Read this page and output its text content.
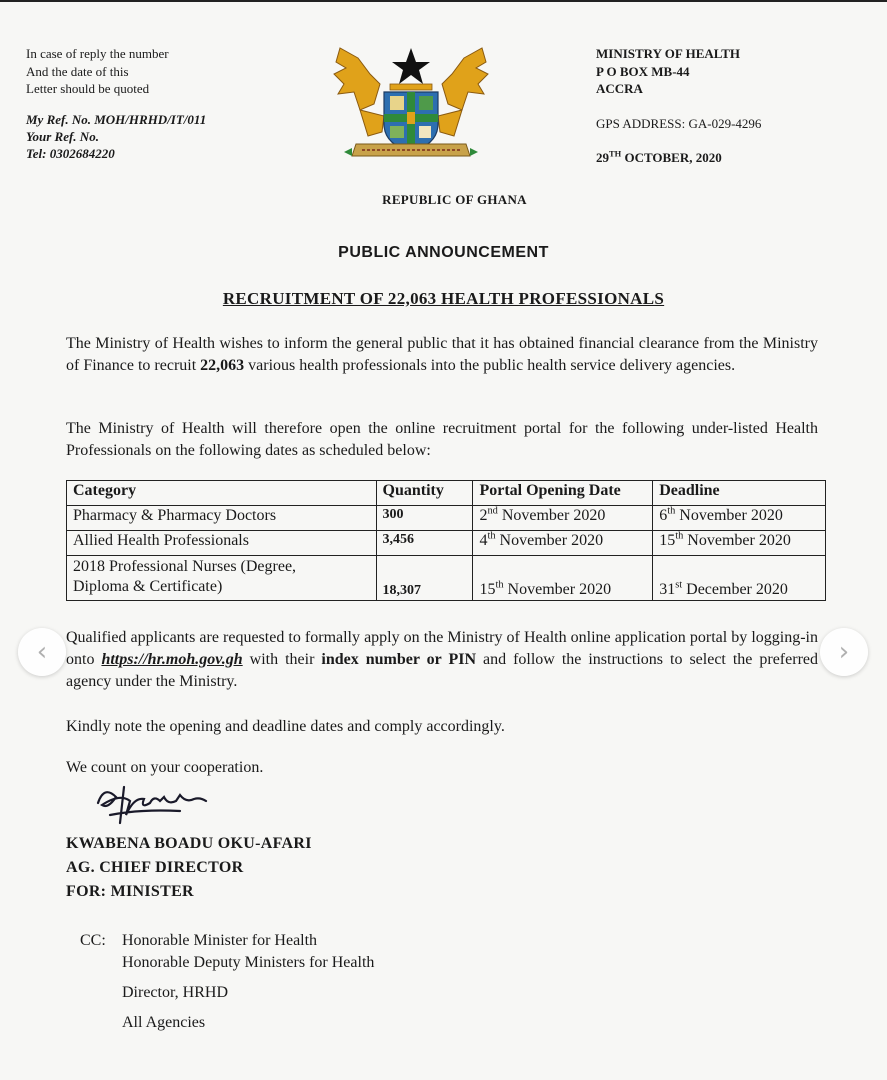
In case of reply the number
And the date of this
Letter should be quoted
My Ref. No. MOH/HRHD/IT/011
Your Ref. No.
Tel: 0302684220
MINISTRY OF HEALTH
P O BOX MB-44
ACCRA
GPS ADDRESS: GA-029-4296
29TH OCTOBER, 2020
REPUBLIC OF GHANA
PUBLIC ANNOUNCEMENT
RECRUITMENT OF 22,063 HEALTH PROFESSIONALS
The Ministry of Health wishes to inform the general public that it has obtained financial clearance from the Ministry of Finance to recruit 22,063 various health professionals into the public health service delivery agencies.
The Ministry of Health will therefore open the online recruitment portal for the following under-listed Health Professionals on the following dates as scheduled below:
Category	Quantity	Portal Opening Date	Deadline
Pharmacy & Pharmacy Doctors	300	2nd November 2020	6th November 2020
Allied Health Professionals	3,456	4th November 2020	15th November 2020

2018 Professional Nurses (Degree,
Diploma & Certificate)	18,307	15th November 2020	31st December 2020
Qualified applicants are requested to formally apply on the Ministry of Health online application portal by logging-in onto https://hr.moh.gov.gh with their index number or PIN and follow the instructions to select the preferred agency under the Ministry.
Kindly note the opening and deadline dates and comply accordingly.
We count on your cooperation.
KWABENA BOADU OKU-AFARI
AG. CHIEF DIRECTOR
FOR: MINISTER
CC:	Honorable Minister for Health
Honorable Deputy Ministers for Health
Director, HRHD
All Agencies
‹	›
